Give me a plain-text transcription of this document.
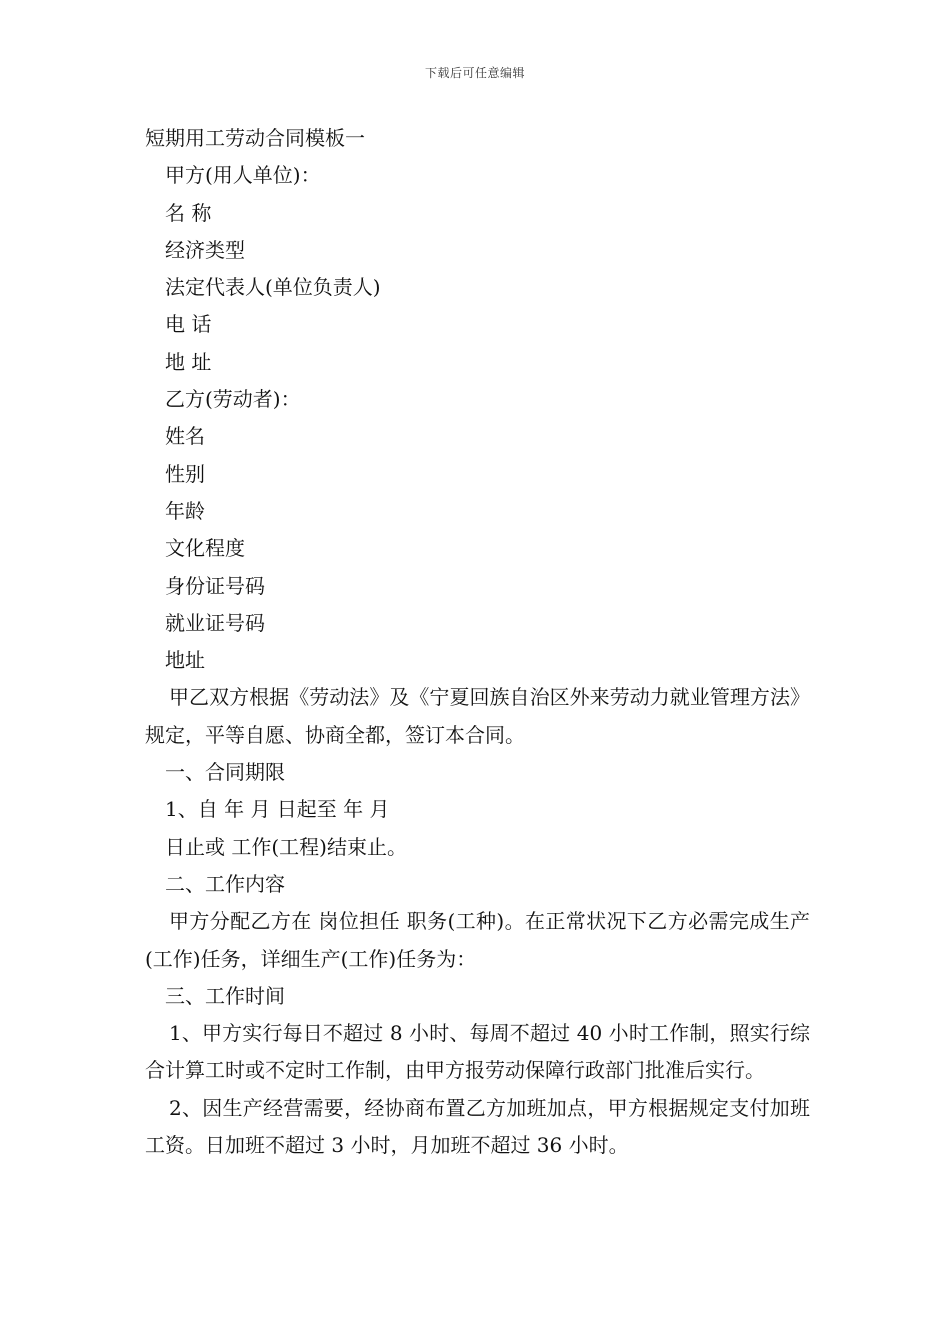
下载后可任意编辑
短期用工劳动合同模板一
甲方(用人单位)：
名 称
经济类型
法定代表人(单位负责人)
电 话
地 址
乙方(劳动者)：
姓名
性别
年龄
文化程度
身份证号码
就业证号码
地址
甲乙双方根据《劳动法》及《宁夏回族自治区外来劳动力就业管理方法》规定，平等自愿、协商全都，签订本合同。
一、合同期限
1、自 年 月 日起至 年 月
日止或 工作(工程)结束止。
二、工作内容
甲方分配乙方在 岗位担任 职务(工种)。在正常状况下乙方必需完成生产(工作)任务，详细生产(工作)任务为：
三、工作时间
1、甲方实行每日不超过 8 小时、每周不超过 40 小时工作制，照实行综合计算工时或不定时工作制，由甲方报劳动保障行政部门批准后实行。
2、因生产经营需要，经协商布置乙方加班加点，甲方根据规定支付加班工资。日加班不超过 3 小时，月加班不超过 36 小时。
